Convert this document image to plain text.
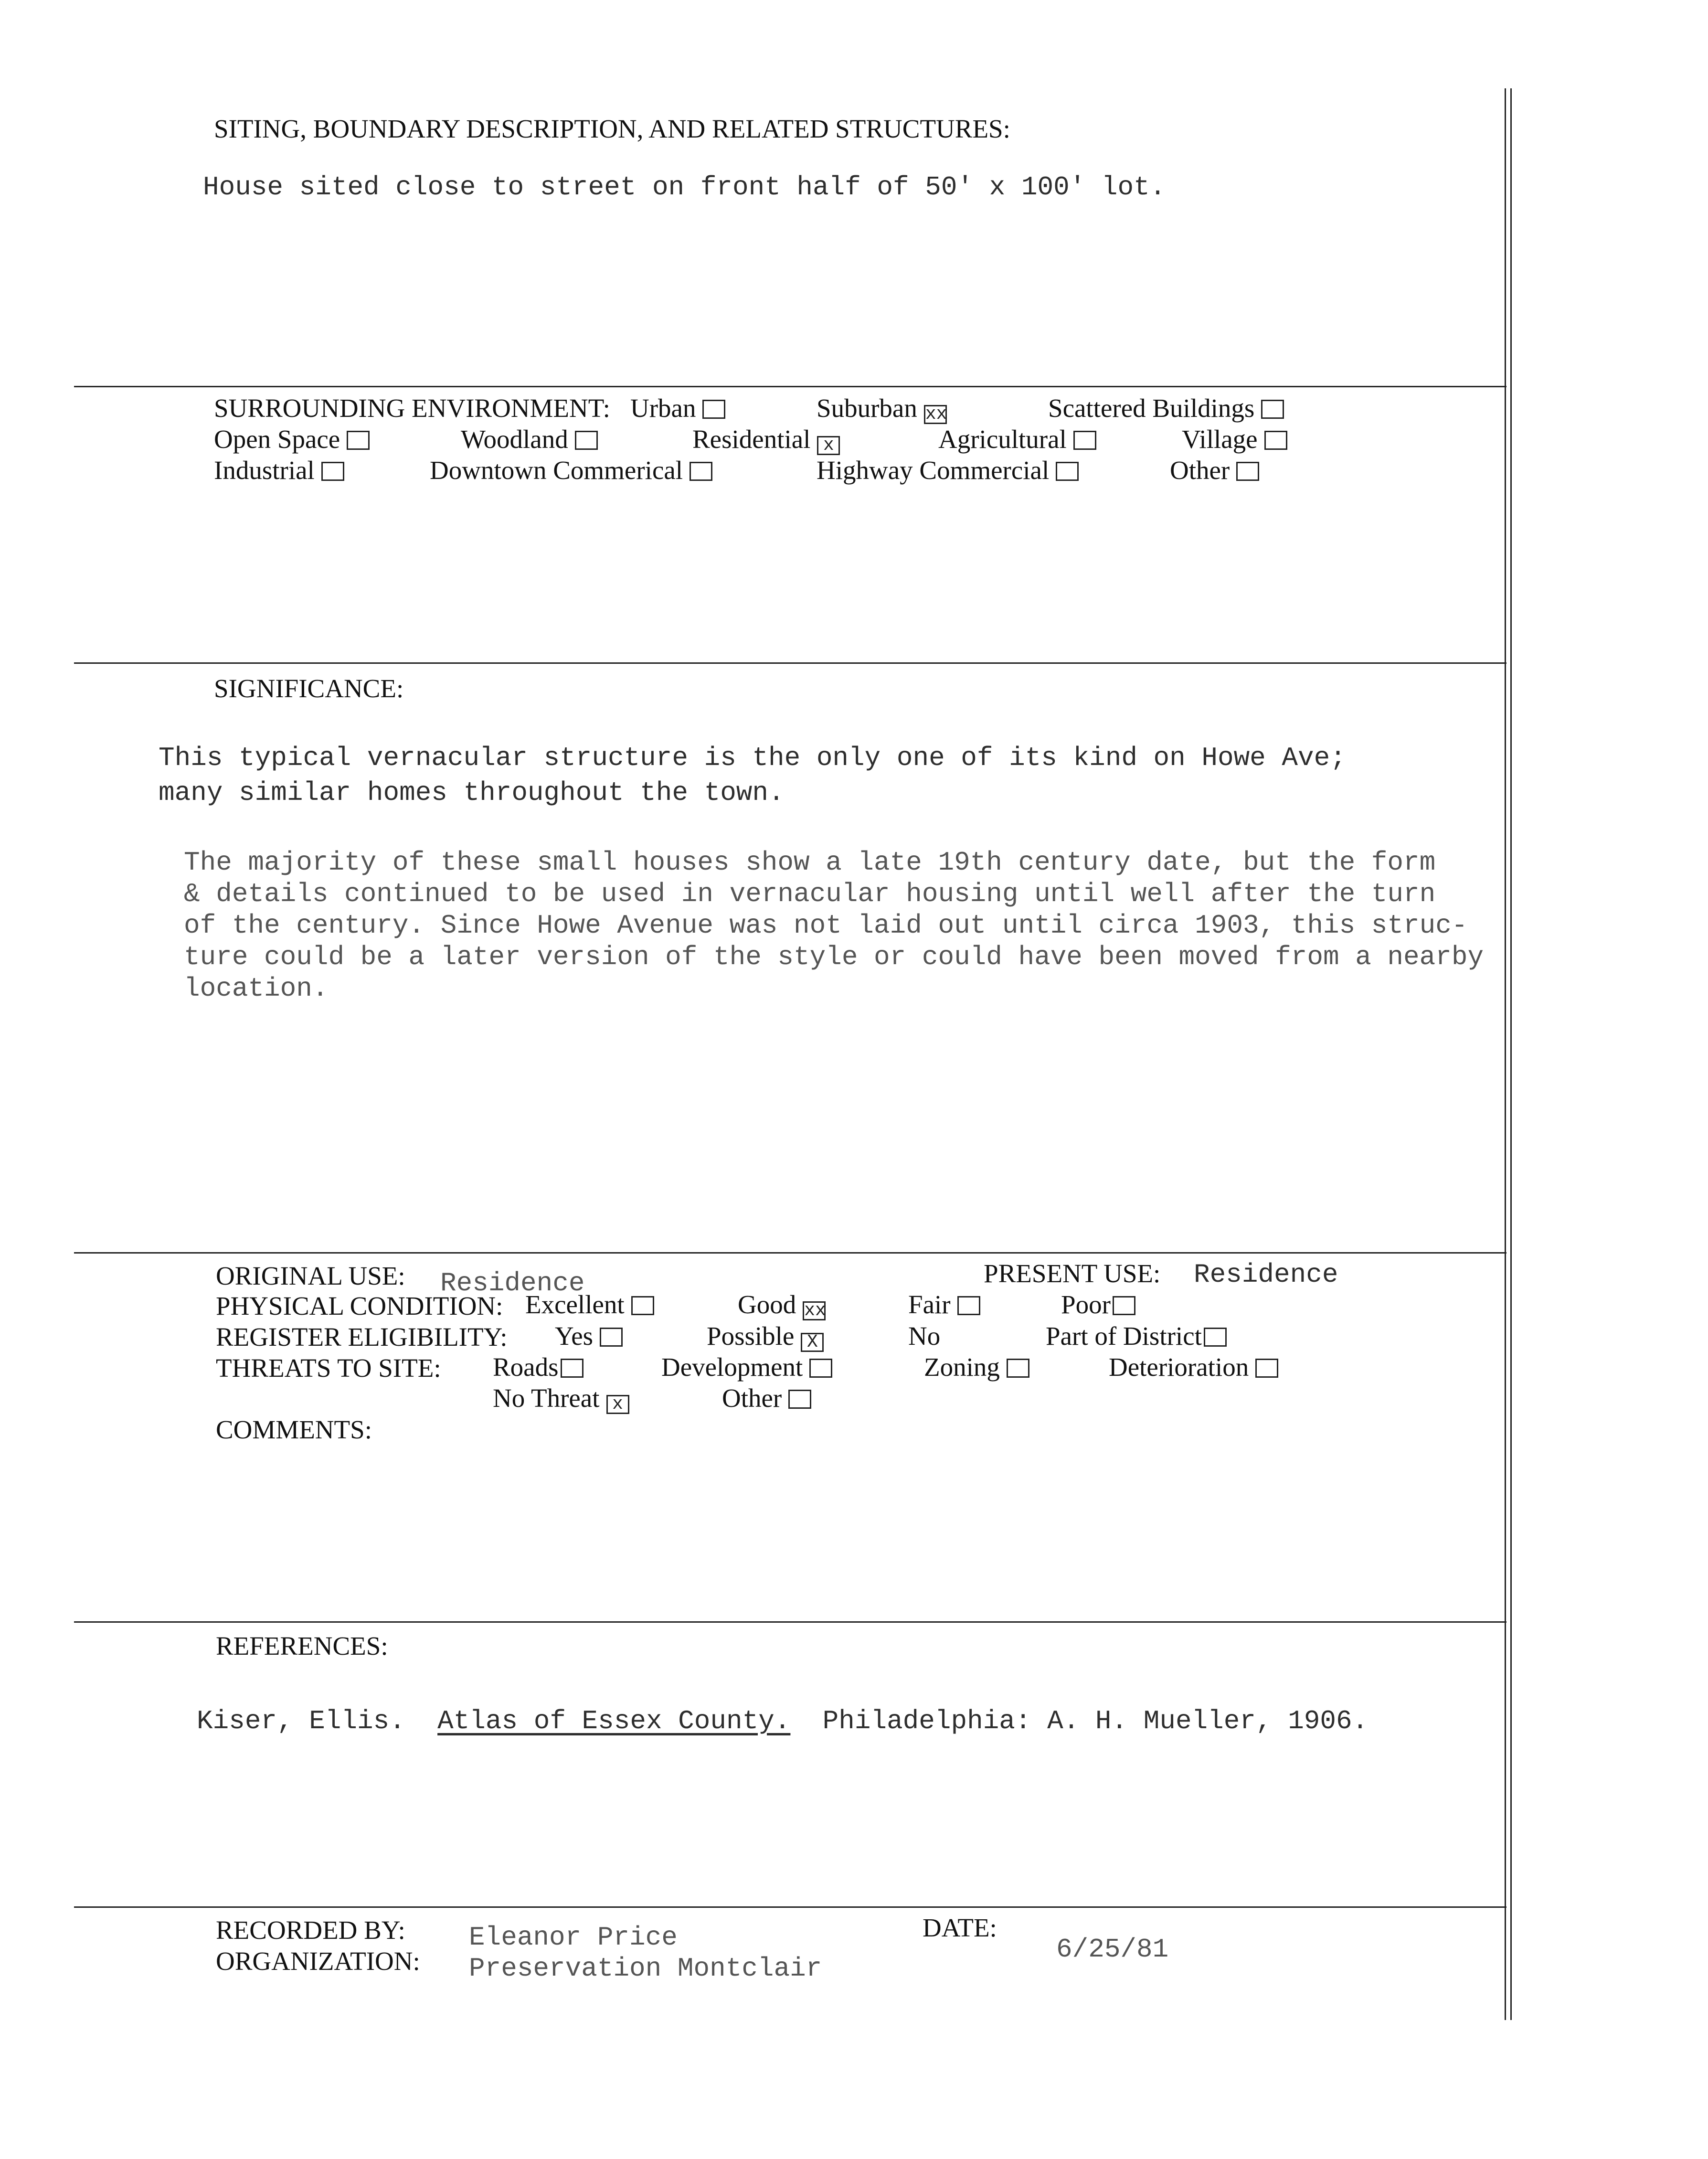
SITING, BOUNDARY DESCRIPTION, AND RELATED STRUCTURES:
House sited close to street on front half of 50' x 100' lot.
SURROUNDING ENVIRONMENT: Urban	Suburban xx	Scattered Buildings
Open Space	Woodland	Residential x	Agricultural	Village
Industrial	Downtown Commerical	Highway Commercial	Other
SIGNIFICANCE:
This typical vernacular structure is the only one of its kind on Howe Ave;
many similar homes throughout the town.
The majority of these small houses show a late 19th century date, but the form
& details continued to be used in vernacular housing until well after the turn
of the century. Since Howe Avenue was not laid out until circa 1903, this struc-
ture could be a later version of the style or could have been moved from a nearby
location.
ORIGINAL USE: Residence	PRESENT USE: Residence
PHYSICAL CONDITION: Excellent	Good xx	Fair	Poor
REGISTER ELIGIBILITY: Yes	Possible X	No	Part of District
THREATS TO SITE: Roads	Development	Zoning	Deterioration
No Threat x	Other
COMMENTS:
REFERENCES:
Kiser, Ellis. Atlas of Essex County. Philadelphia: A. H. Mueller, 1906.
RECORDED BY: Eleanor Price
ORGANIZATION: Preservation Montclair
DATE:
6/25/81
